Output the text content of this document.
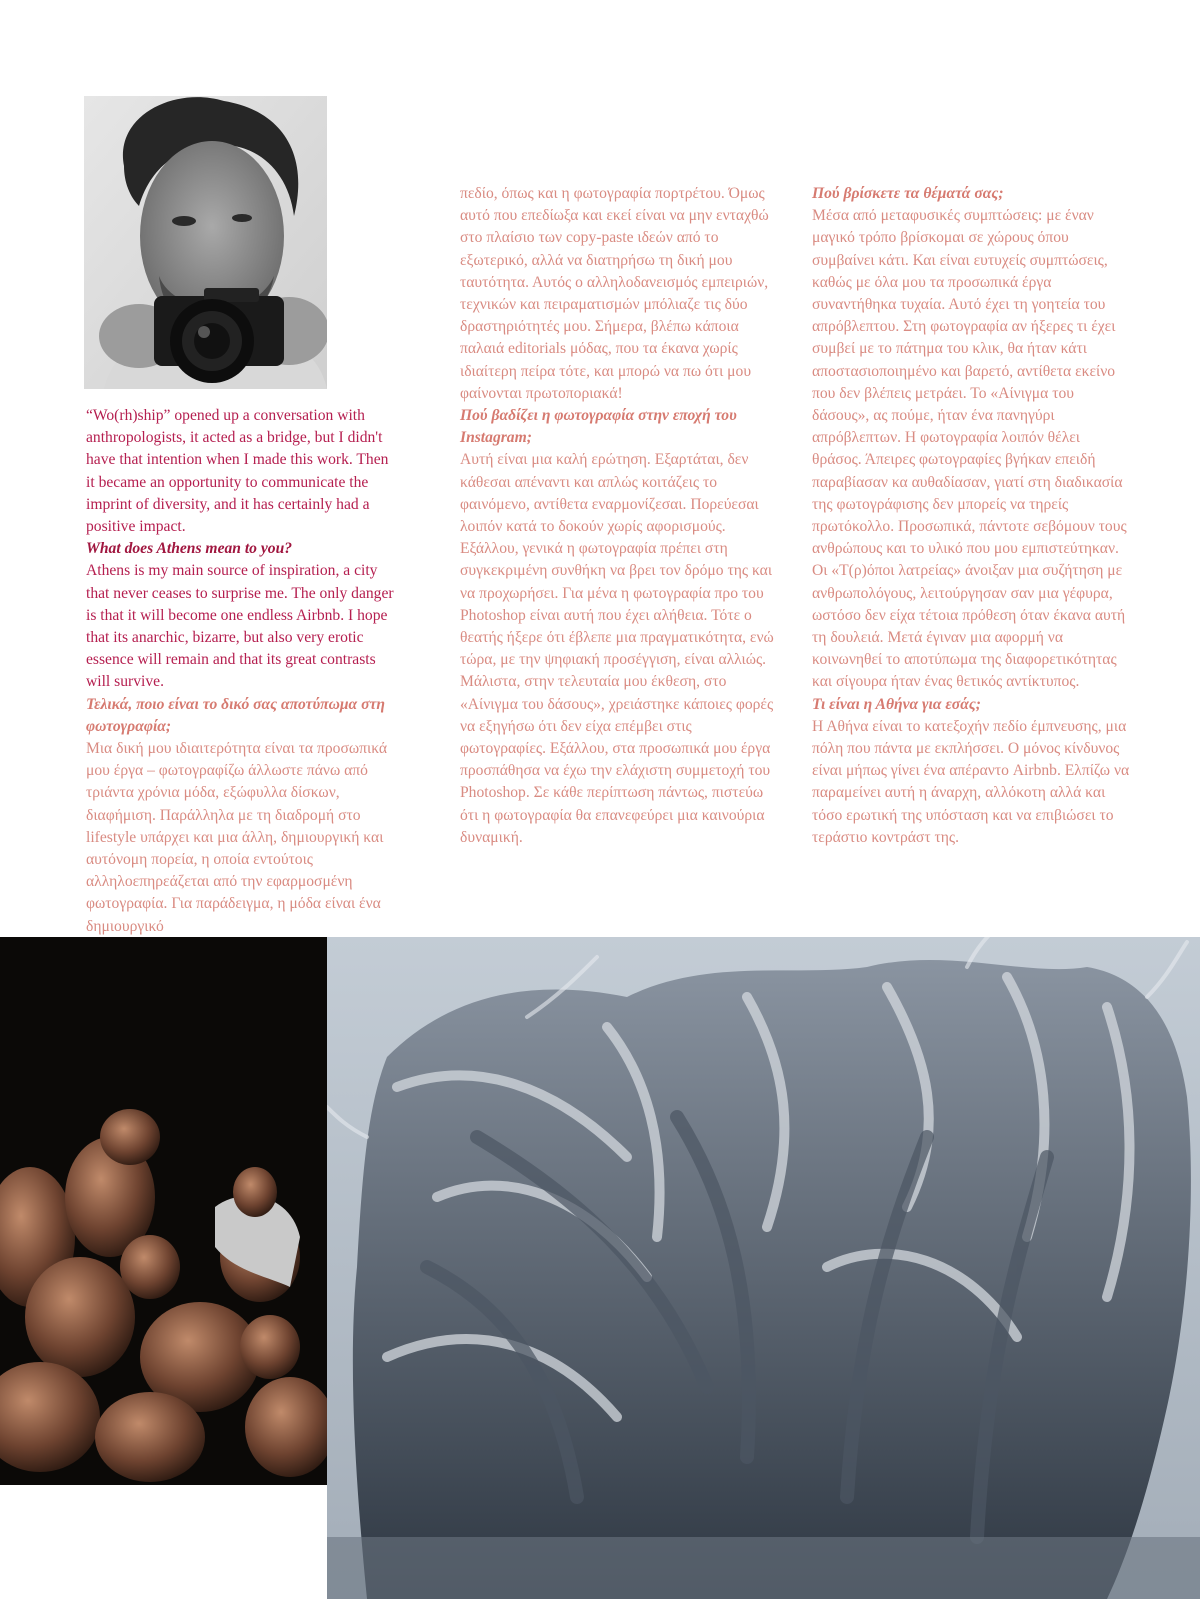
“Wo(rh)ship” opened up a conversation with anthropologists, it acted as a bridge, but I didn't have that intention when I made this work. Then it became an opportunity to communicate the imprint of diversity, and it has certainly had a positive impact.

What does Athens mean to you?

Athens is my main source of inspiration, a city that never ceases to surprise me. The only danger is that it will become one endless Airbnb. I hope that its anarchic, bizarre, but also very erotic essence will remain and that its great contrasts will survive.

Τελικά, ποιο είναι το δικό σας αποτύπωμα στη φωτογραφία;

Μια δική μου ιδιαιτερότητα είναι τα προσωπικά μου έργα – φωτογραφίζω άλλωστε πάνω από τριάντα χρόνια μόδα, εξώφυλλα δίσκων, διαφήμιση. Παράλληλα με τη διαδρομή στο lifestyle υπάρχει και μια άλλη, δημιουργική και αυτόνομη πορεία, η οποία εντούτοις αλληλοεπηρεάζεται από την εφαρμοσμένη φωτογραφία. Για παράδειγμα, η μόδα είναι ένα δημιουργικό

πεδίο, όπως και η φωτογραφία πορτρέτου. Όμως αυτό που επεδίωξα και εκεί είναι να μην ενταχθώ στο πλαίσιο των copy-paste ιδεών από το εξωτερικό, αλλά να διατηρήσω τη δική μου ταυτότητα. Αυτός ο αλληλοδανεισμός εμπειριών, τεχνικών και πειραματισμών μπόλιαζε τις δύο δραστηριότητές μου. Σήμερα, βλέπω κάποια παλαιά editorials μόδας, που τα έκανα χωρίς ιδιαίτερη πείρα τότε, και μπορώ να πω ότι μου φαίνονται πρωτοποριακά!

Πού βαδίζει η φωτογραφία στην εποχή του Instagram;

Αυτή είναι μια καλή ερώτηση. Εξαρτάται, δεν κάθεσαι απέναντι και απλώς κοιτάζεις το φαινόμενο, αντίθετα εναρμονίζεσαι. Πορεύεσαι λοιπόν κατά το δοκούν χωρίς αφορισμούς. Εξάλλου, γενικά η φωτογραφία πρέπει στη συγκεκριμένη συνθήκη να βρει τον δρόμο της και να προχωρήσει. Για μένα η φωτογραφία προ του Photoshop είναι αυτή που έχει αλήθεια. Τότε ο θεατής ήξερε ότι έβλεπε μια πραγματικότητα, ενώ τώρα, με την ψηφιακή προσέγγιση, είναι αλλιώς. Μάλιστα, στην τελευταία μου έκθεση, στο «Αίνιγμα του δάσους», χρειάστηκε κάποιες φορές να εξηγήσω ότι δεν είχα επέμβει στις φωτογραφίες. Εξάλλου, στα προσωπικά μου έργα προσπάθησα να έχω την ελάχιστη συμμετοχή του Photoshop. Σε κάθε περίπτωση πάντως, πιστεύω ότι η φωτογραφία θα επανεφεύρει μια καινούρια δυναμική.

Πού βρίσκετε τα θέματά σας;

Μέσα από μεταφυσικές συμπτώσεις: με έναν μαγικό τρόπο βρίσκομαι σε χώρους όπου συμβαίνει κάτι. Και είναι ευτυχείς συμπτώσεις, καθώς με όλα μου τα προσωπικά έργα συναντήθηκα τυχαία. Αυτό έχει τη γοητεία του απρόβλεπτου. Στη φωτογραφία αν ήξερες τι έχει συμβεί με το πάτημα του κλικ, θα ήταν κάτι αποστασιοποιημένο και βαρετό, αντίθετα εκείνο που δεν βλέπεις μετράει. Το «Αίνιγμα του δάσους», ας πούμε, ήταν ένα πανηγύρι απρόβλεπτων. Η φωτογραφία λοιπόν θέλει θράσος. Άπειρες φωτογραφίες βγήκαν επειδή παραβίασαν κα αυθαδίασαν, γιατί στη διαδικασία της φωτογράφισης δεν μπορείς να τηρείς πρωτόκολλο. Προσωπικά, πάντοτε σεβόμουν τους ανθρώπους και το υλικό που μου εμπιστεύτηκαν. Οι «Τ(ρ)όποι λατρείας» άνοιξαν μια συζήτηση με ανθρωπολόγους, λειτούργησαν σαν μια γέφυρα, ωστόσο δεν είχα τέτοια πρόθεση όταν έκανα αυτή τη δουλειά. Μετά έγιναν μια αφορμή να κοινωνηθεί το αποτύπωμα της διαφορετικότητας και σίγουρα ήταν ένας θετικός αντίκτυπος.

Τι είναι η Αθήνα για εσάς;

Η Αθήνα είναι το κατεξοχήν πεδίο έμπνευσης, μια πόλη που πάντα με εκπλήσσει. Ο μόνος κίνδυνος είναι μήπως γίνει ένα απέραντο Airbnb. Ελπίζω να παραμείνει αυτή η άναρχη, αλλόκοτη αλλά και τόσο ερωτική της υπόσταση και να επιβιώσει το τεράστιο κοντράστ της.
